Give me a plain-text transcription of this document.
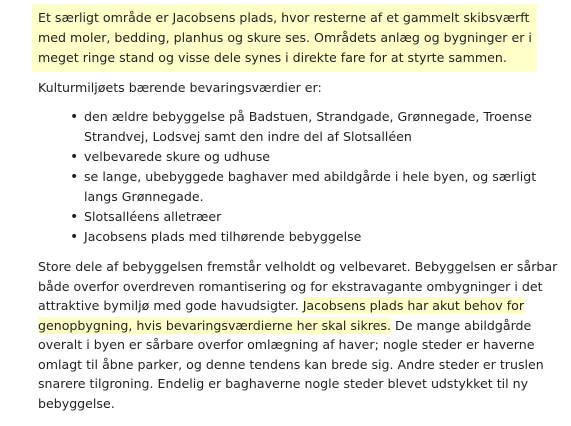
Et særligt område er Jacobsens plads, hvor resterne af et gammelt skibsværft
med moler, bedding, planhus og skure ses. Områdets anlæg og bygninger er i
meget ringe stand og visse dele synes i direkte fare for at styrte sammen.
Kulturmiljøets bærende bevaringsværdier er:
• den ældre bebyggelse på Badstuen, Strandgade, Grønnegade, Troense Strandvej, Lodsvej samt den indre del af Slotsalléen
• velbevarede skure og udhuse
• se lange, ubebyggede baghaver med abildgårde i hele byen, og særligt langs Grønnegade.
• Slotsalléens alletræer
• Jacobsens plads med tilhørende bebyggelse

Store dele af bebyggelsen fremstår velholdt og velbevaret. Bebyggelsen er sårbar både overfor overdreven romantisering og for ekstravagante ombygninger i det attraktive bymiljø med gode havudsigter. Jacobsens plads har akut behov for genopbygning, hvis bevaringsværdierne her skal sikres. De mange abildgårde overalt i byen er sårbare overfor omlægning af haver; nogle steder er haverne omlagt til åbne parker, og denne tendens kan brede sig. Andre steder er truslen snarere tilgroning. Endelig er baghaverne nogle steder blevet udstykket til ny bebyggelse.
